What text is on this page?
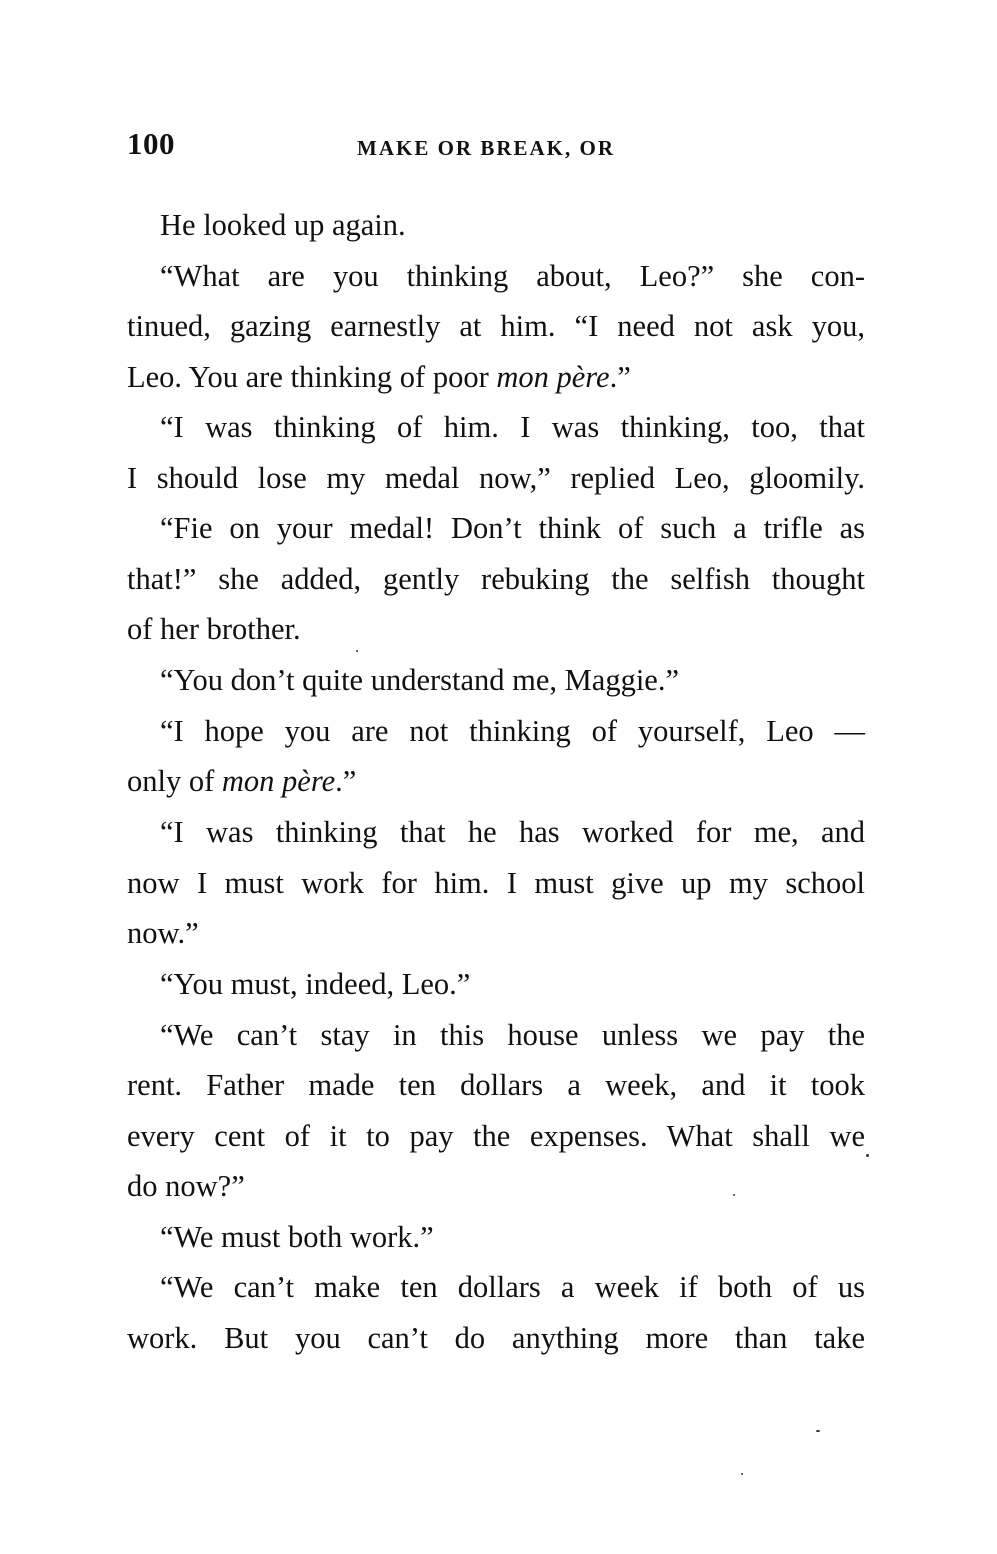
100	MAKE OR BREAK, OR
He looked up again.
“What are you thinking about, Leo?” she con-
tinued, gazing earnestly at him. “I need not ask you,
Leo. You are thinking of poor mon père.”
“I was thinking of him. I was thinking, too, that
I should lose my medal now,” replied Leo, gloomily.
“Fie on your medal! Don’t think of such a trifle as
that!” she added, gently rebuking the selfish thought
of her brother.
“You don’t quite understand me, Maggie.”
“I hope you are not thinking of yourself, Leo —
only of mon père.”
“I was thinking that he has worked for me, and
now I must work for him. I must give up my school
now.”
“You must, indeed, Leo.”
“We can’t stay in this house unless we pay the
rent. Father made ten dollars a week, and it took
every cent of it to pay the expenses. What shall we
do now?”
“We must both work.”
“We can’t make ten dollars a week if both of us
work. But you can’t do anything more than take
